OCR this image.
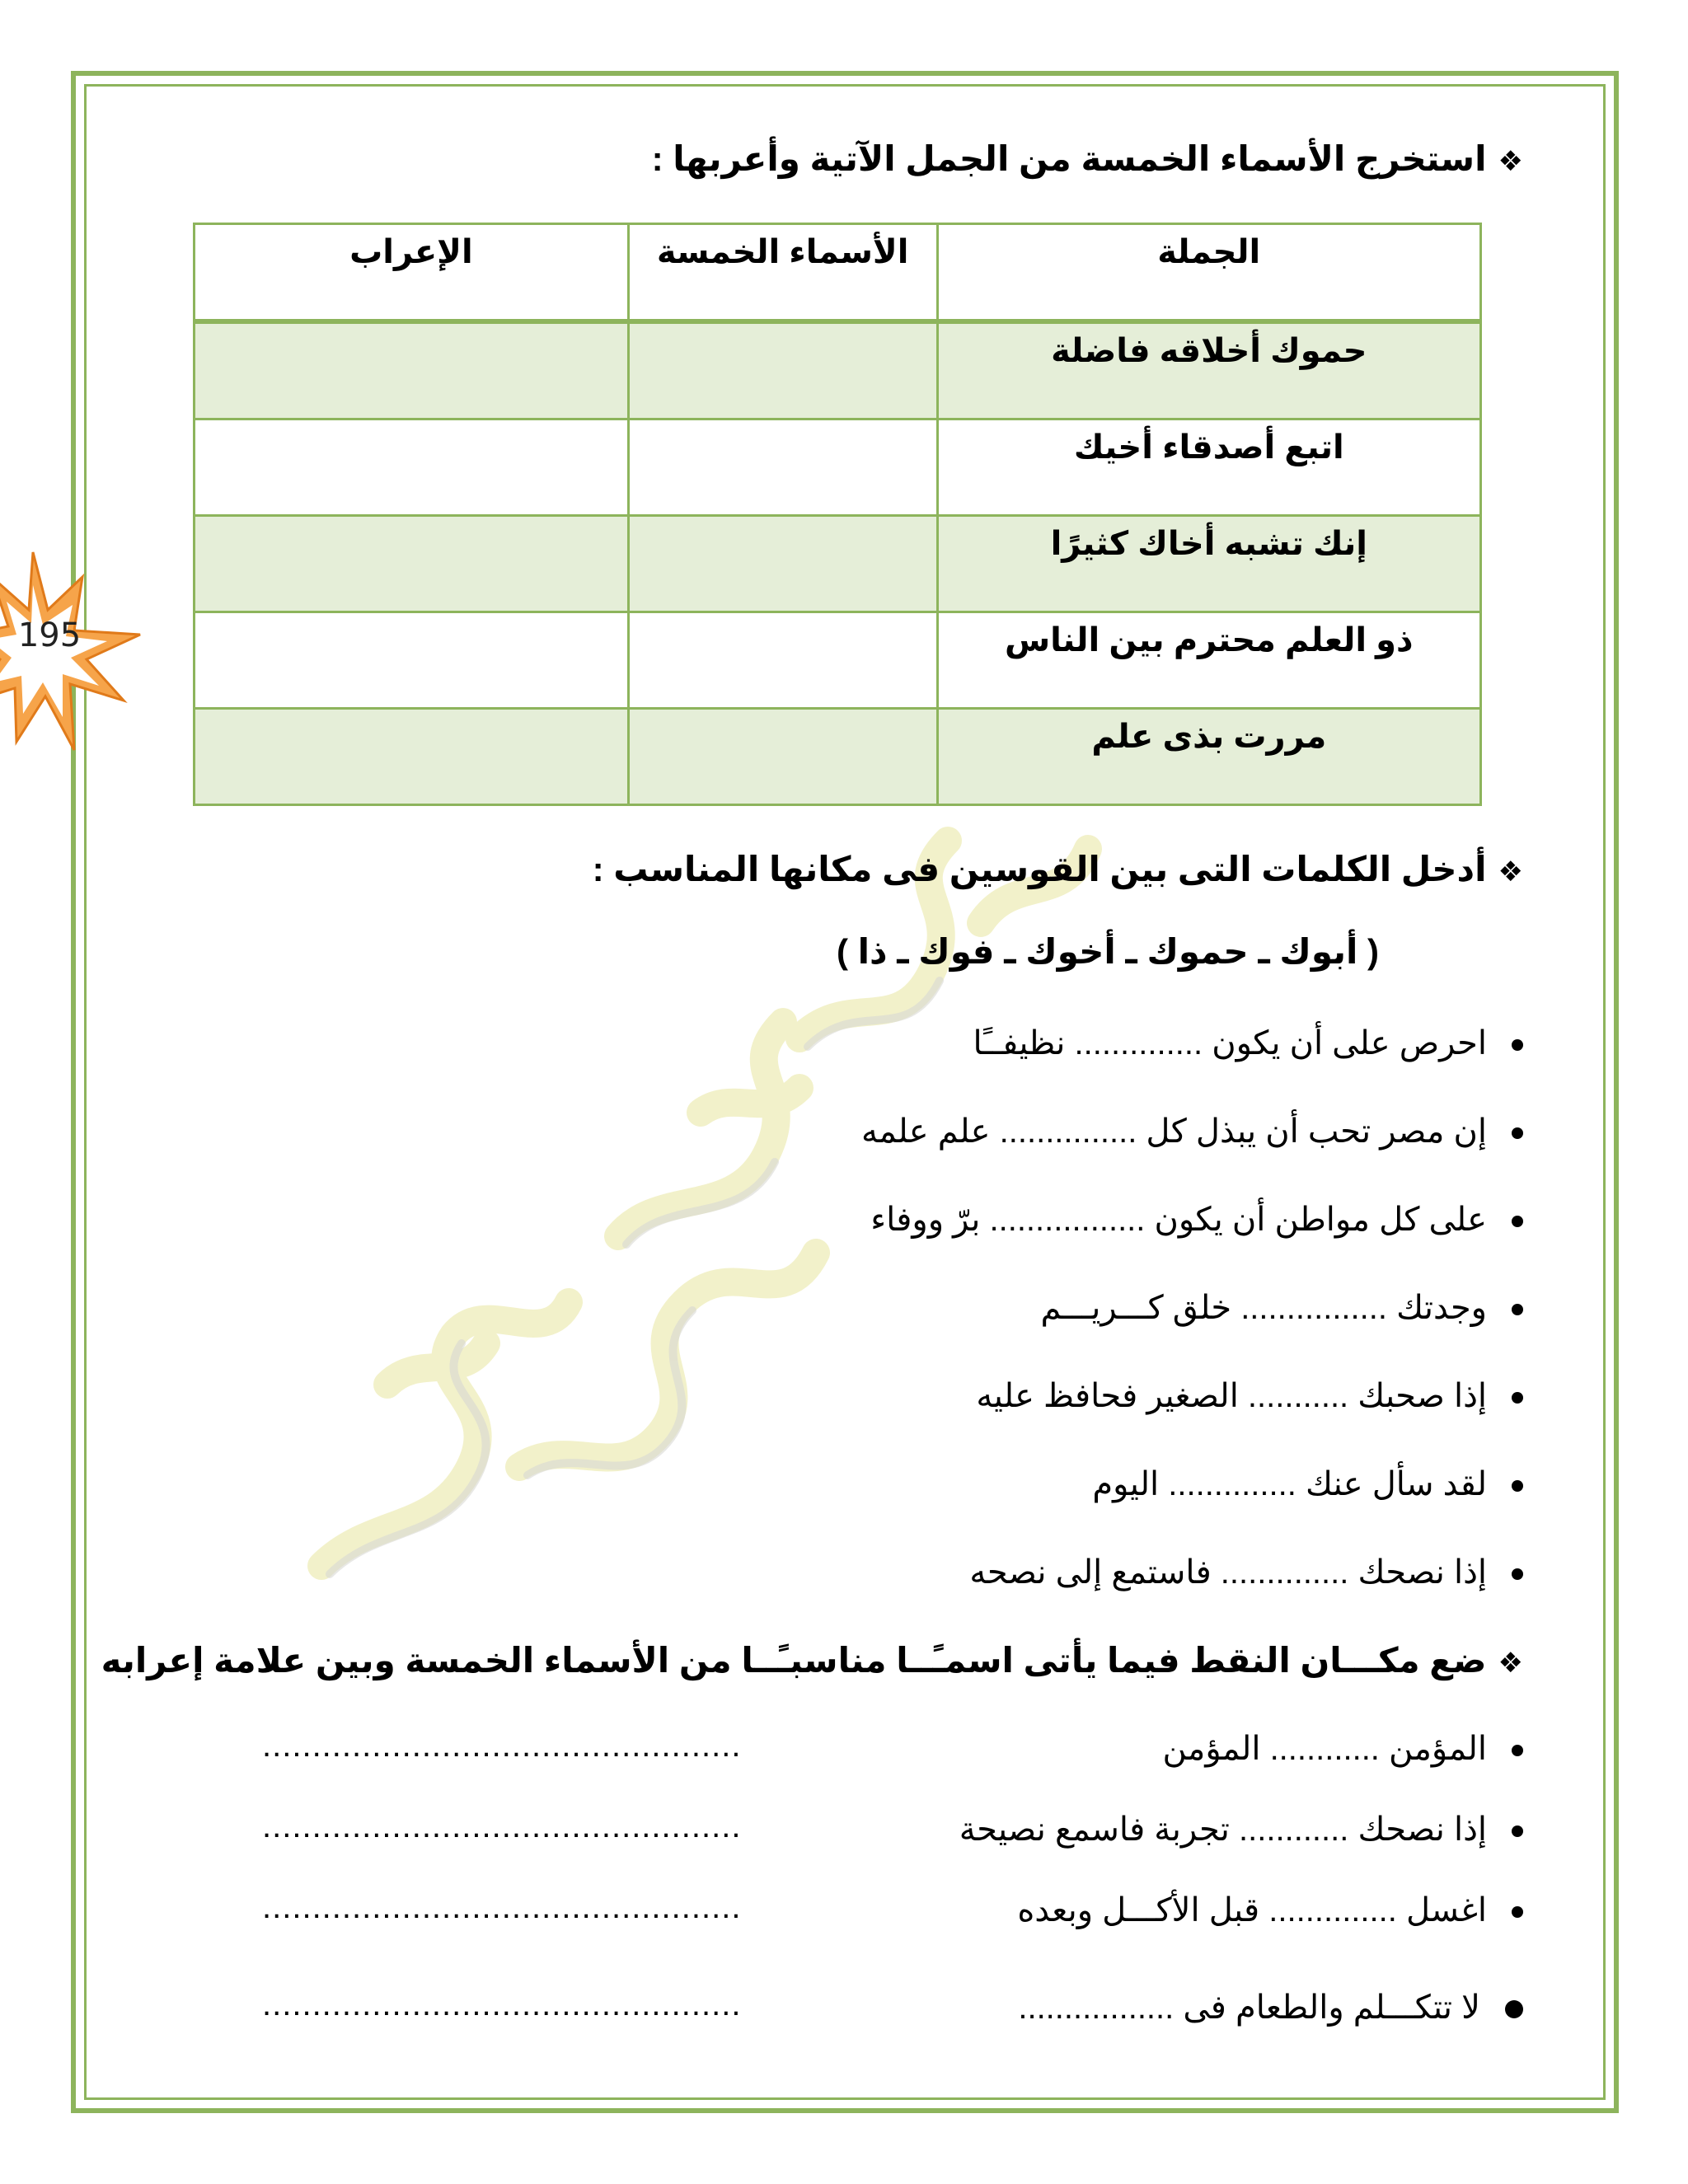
195
❖استخرج الأسماء الخمسة من الجمل الآتية وأعربها :
الجملة	الأسماء الخمسة	الإعراب
حموك أخلاقه فاضلة		
اتبع أصدقاء أخيك		
إنك تشبه أخاك كثيرًا		
ذو العلم محترم بين الناس		
مررت بذى علم		
❖أدخل الكلمات التى بين القوسين فى مكانها المناسب :
( أبوك ـ حموك ـ أخوك ـ فوك ـ ذا )
احرص على أن يكون .............. نظيفــًا
إن مصر تحب أن يبذل كل ............... علم علمه
على كل مواطن أن يكون ................. برّ ووفاء
وجدتك ................ خلق كـــريـــم
إذا صحبك ........... الصغير فحافظ عليه
لقد سأل عنك .............. اليوم
إذا نصحك .............. فاستمع إلى نصحه
❖ضع مكـــان النقط فيما يأتى اسمـًــا مناسبـًــا من الأسماء الخمسة وبين علامة إعرابه
المؤمن ............ المؤمن
إذا نصحك ............ تجربة فاسمع نصيحة
اغسل .............. قبل الأكـــل وبعده
لا تتكـــلم والطعام فى .................
................................................
................................................
................................................
................................................
